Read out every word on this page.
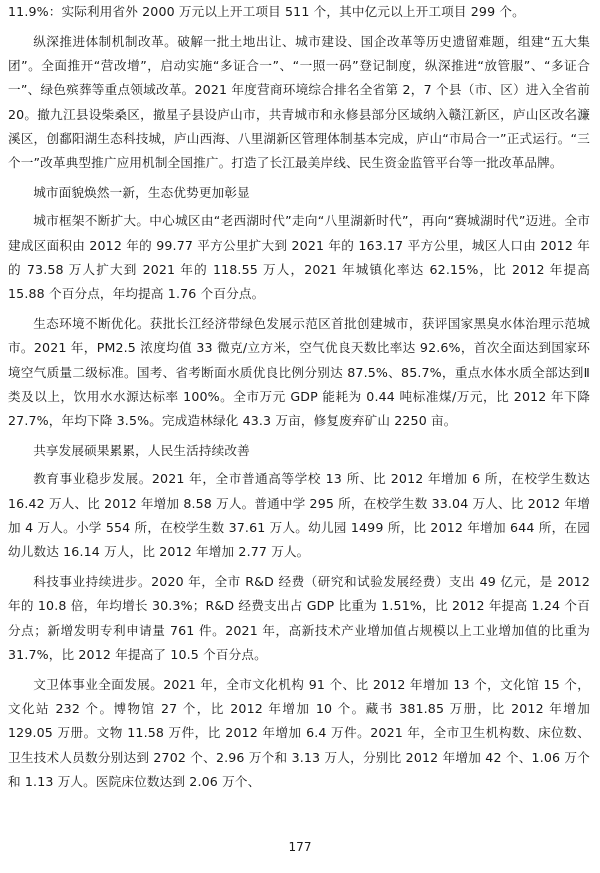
11.9%：实际利用省外 2000 万元以上开工项目 511 个，其中亿元以上开工项目 299 个。

纵深推进体制机制改革。破解一批土地出让、城市建设、国企改革等历史遗留难题，组建“五大集团”。全面推开“营改增”，启动实施“多证合一”、“一照一码”登记制度，纵深推进“放管服”、“多证合一”、绿色殡葬等重点领域改革。2021 年度营商环境综合排名全省第 2，7 个县（市、区）进入全省前 20。撤九江县设柴桑区，撤星子县设庐山市，共青城市和永修县部分区域纳入赣江新区，庐山区改名濂溪区，创鄱阳湖生态科技城，庐山西海、八里湖新区管理体制基本完成，庐山“市局合一”正式运行。“三个一”改革典型推广应用机制全国推广。打造了长江最美岸线、民生资金监管平台等一批改革品牌。

城市面貌焕然一新，生态优势更加彰显

城市框架不断扩大。中心城区由“老西湖时代”走向“八里湖新时代”，再向“赛城湖时代”迈进。全市建成区面积由 2012 年的 99.77 平方公里扩大到 2021 年的 163.17 平方公里，城区人口由 2012 年的 73.58 万人扩大到 2021 年的 118.55 万人，2021 年城镇化率达 62.15%，比 2012 年提高 15.88 个百分点，年均提高 1.76 个百分点。

生态环境不断优化。获批长江经济带绿色发展示范区首批创建城市，获评国家黑臭水体治理示范城市。2021 年，PM2.5 浓度均值 33 微克/立方米，空气优良天数比率达 92.6%，首次全面达到国家环境空气质量二级标准。国考、省考断面水质优良比例分别达 87.5%、85.7%，重点水体水质全部达到Ⅱ类及以上，饮用水水源达标率 100%。全市万元 GDP 能耗为 0.44 吨标准煤/万元，比 2012 年下降 27.7%，年均下降 3.5%。完成造林绿化 43.3 万亩，修复废弃矿山 2250 亩。

共享发展硕果累累，人民生活持续改善

教育事业稳步发展。2021 年，全市普通高等学校 13 所、比 2012 年增加 6 所，在校学生数达 16.42 万人、比 2012 年增加 8.58 万人。普通中学 295 所，在校学生数 33.04 万人、比 2012 年增加 4 万人。小学 554 所，在校学生数 37.61 万人。幼儿园 1499 所，比 2012 年增加 644 所，在园幼儿数达 16.14 万人，比 2012 年增加 2.77 万人。

科技事业持续进步。2020 年，全市 R&D 经费（研究和试验发展经费）支出 49 亿元，是 2012 年的 10.8 倍，年均增长 30.3%；R&D 经费支出占 GDP 比重为 1.51%，比 2012 年提高 1.24 个百分点；新增发明专利申请量 761 件。2021 年，高新技术产业增加值占规模以上工业增加值的比重为 31.7%，比 2012 年提高了 10.5 个百分点。

文卫体事业全面发展。2021 年，全市文化机构 91 个、比 2012 年增加 13 个，文化馆 15 个，文化站 232 个。博物馆 27 个，比 2012 年增加 10 个。藏书 381.85 万册，比 2012 年增加 129.05 万册。文物 11.58 万件，比 2012 年增加 6.4 万件。2021 年，全市卫生机构数、床位数、卫生技术人员数分别达到 2702 个、2.96 万个和 3.13 万人，分别比 2012 年增加 42 个、1.06 万个和 1.13 万人。医院床位数达到 2.06 万个、

177
